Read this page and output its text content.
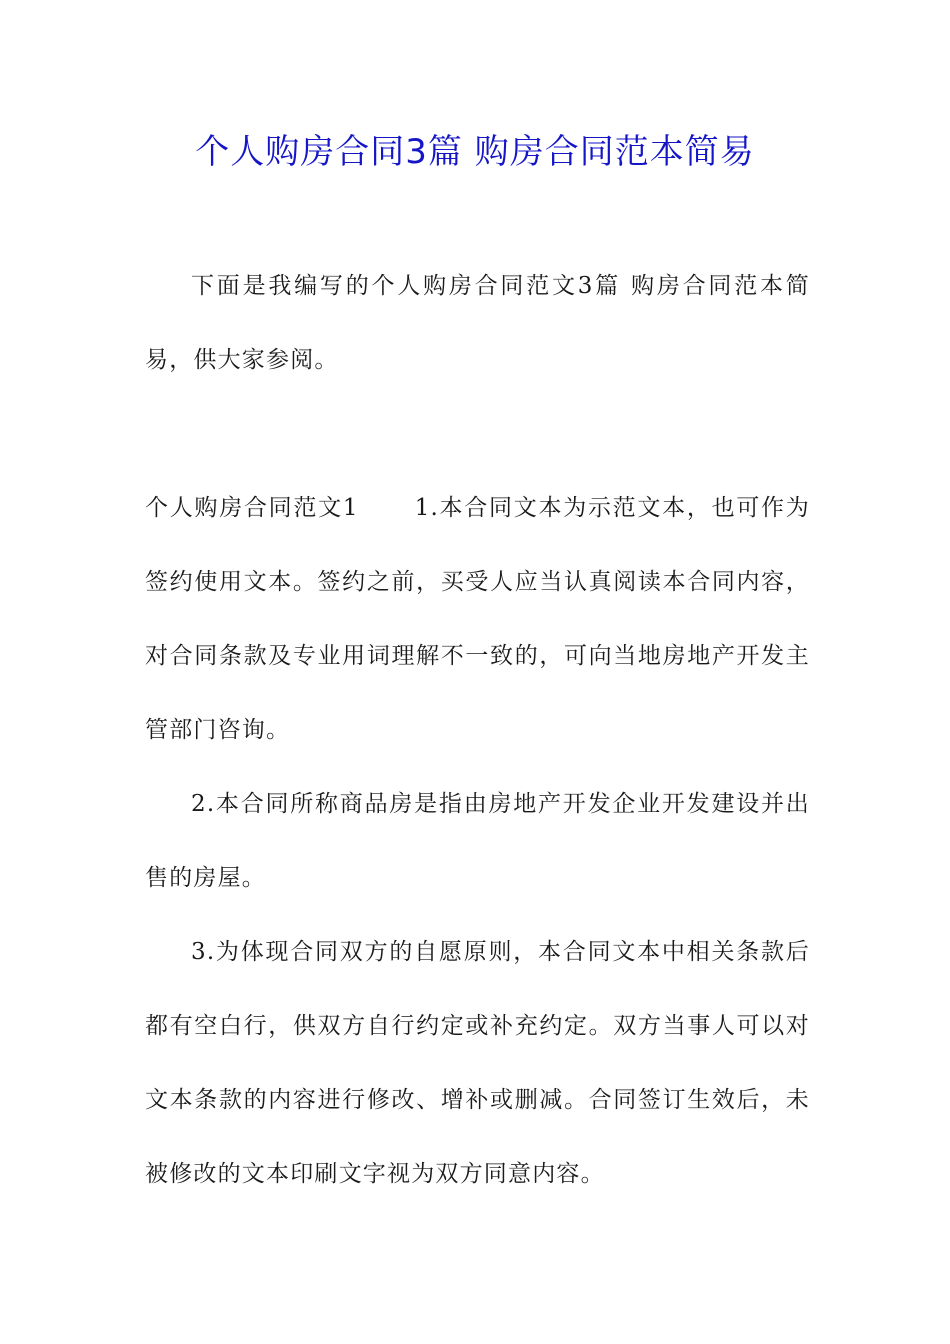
个人购房合同3篇 购房合同范本简易

下面是我编写的个人购房合同范文3篇 购房合同范本简易，供大家参阅。

个人购房合同范文1 1.本合同文本为示范文本，也可作为签约使用文本。签约之前，买受人应当认真阅读本合同内容，对合同条款及专业用词理解不一致的，可向当地房地产开发主管部门咨询。

2.本合同所称商品房是指由房地产开发企业开发建设并出售的房屋。

3.为体现合同双方的自愿原则，本合同文本中相关条款后都有空白行，供双方自行约定或补充约定。双方当事人可以对文本条款的内容进行修改、增补或删减。合同签订生效后，未被修改的文本印刷文字视为双方同意内容。
